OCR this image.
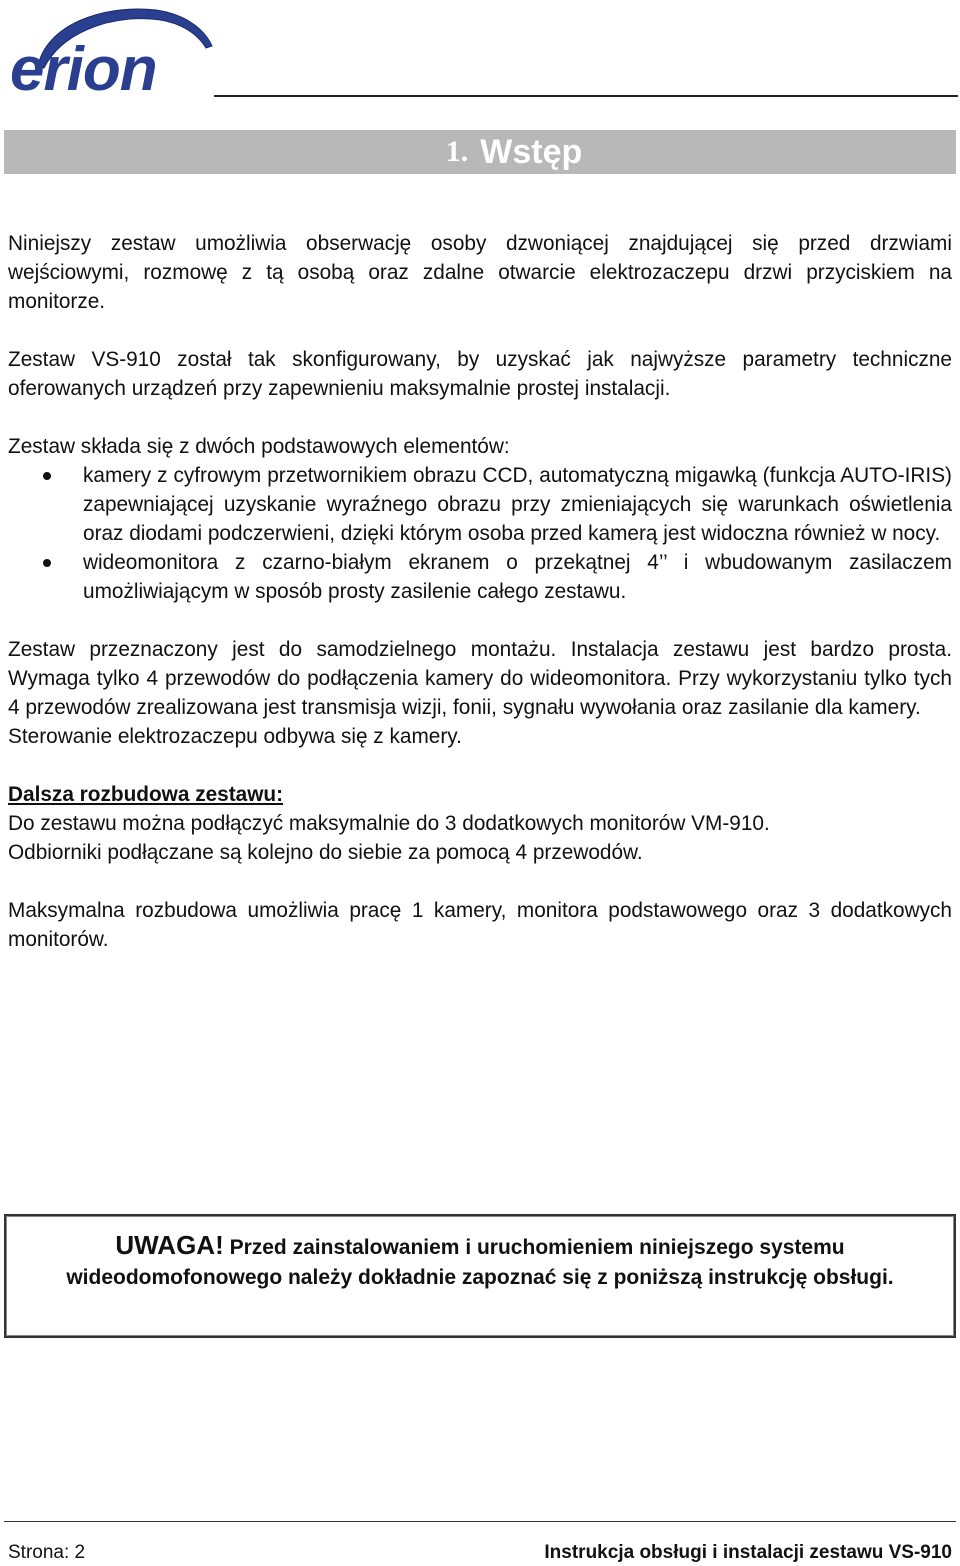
erion
1. Wstęp

Niniejszy zestaw umożliwia obserwację osoby dzwoniącej znajdującej się przed drzwiami wejściowymi, rozmowę z tą osobą oraz zdalne otwarcie elektrozaczepu drzwi przyciskiem na monitorze.

Zestaw VS-910 został tak skonfigurowany, by uzyskać jak najwyższe parametry techniczne oferowanych urządzeń przy zapewnieniu maksymalnie prostej instalacji.

Zestaw składa się z dwóch podstawowych elementów:

kamery z cyfrowym przetwornikiem obrazu CCD, automatyczną migawką (funkcja AUTO-IRIS) zapewniającej uzyskanie wyraźnego obrazu przy zmieniających się warunkach oświetlenia oraz diodami podczerwieni, dzięki którym osoba przed kamerą jest widoczna również w nocy.
wideomonitora z czarno-białym ekranem o przekątnej 4’’ i wbudowanym zasilaczem umożliwiającym w sposób prosty zasilenie całego zestawu.

Zestaw przeznaczony jest do samodzielnego montażu. Instalacja zestawu jest bardzo prosta. Wymaga tylko 4 przewodów do podłączenia kamery do wideomonitora. Przy wykorzystaniu tylko tych 4 przewodów zrealizowana jest transmisja wizji, fonii, sygnału wywołania oraz zasilanie dla kamery.

Sterowanie elektrozaczepu odbywa się z kamery.

Dalsza rozbudowa zestawu:

Do zestawu można podłączyć maksymalnie do 3 dodatkowych monitorów VM-910.

Odbiorniki podłączane są kolejno do siebie za pomocą 4 przewodów.

Maksymalna rozbudowa umożliwia pracę 1 kamery, monitora podstawowego oraz 3 dodatkowych monitorów.

UWAGA! Przed zainstalowaniem i uruchomieniem niniejszego systemu wideodomofonowego należy dokładnie zapoznać się z poniższą instrukcję obsługi.
Strona: 2	Instrukcja obsługi i instalacji zestawu VS-910
